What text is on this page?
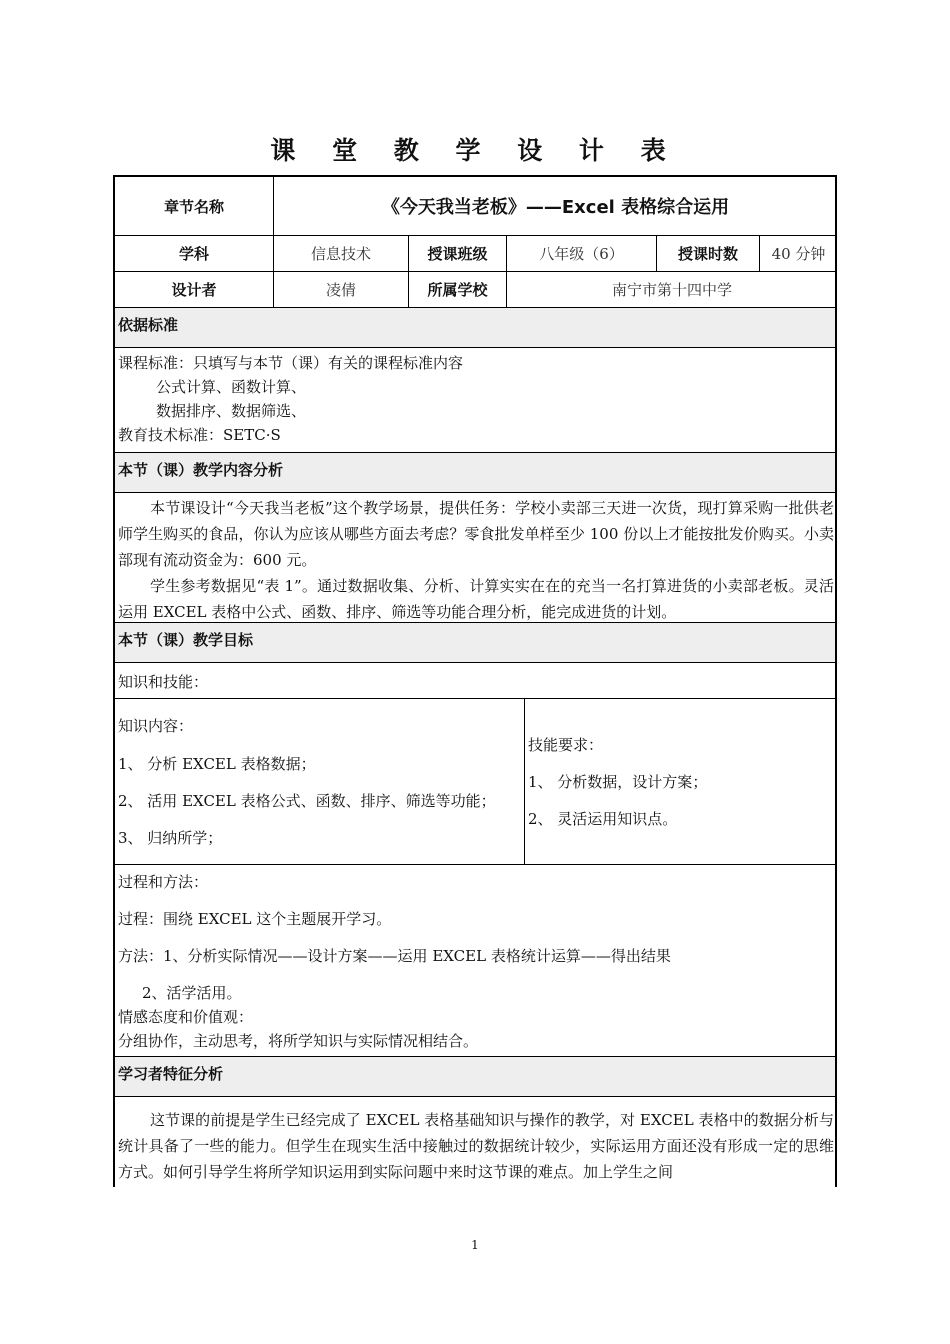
课 堂 教 学 设 计 表
章节名称	《今天我当老板》——Excel 表格综合运用
学科	信息技术	授课班级	八年级（6）	授课时数	40 分钟
设计者	凌倩	所属学校	南宁市第十四中学
依据标准
课程标准：只填写与本节（课）有关的课程标准内容
公式计算、函数计算、
数据排序、数据筛选、
教育技术标准：SETC·S
本节（课）教学内容分析
本节课设计“今天我当老板”这个教学场景，提供任务：学校小卖部三天进一次货，现打算采购一批供老师学生购买的食品，你认为应该从哪些方面去考虑？零食批发单样至少 100 份以上才能按批发价购买。小卖部现有流动资金为：600 元。
学生参考数据见“表 1”。通过数据收集、分析、计算实实在在的充当一名打算进货的小卖部老板。灵活运用 EXCEL 表格中公式、函数、排序、筛选等功能合理分析，能完成进货的计划。
本节（课）教学目标
知识和技能：
知识内容：
1、 分析 EXCEL 表格数据；
2、 活用 EXCEL 表格公式、函数、排序、筛选等功能；
3、 归纳所学；
技能要求：
1、 分析数据，设计方案；
2、 灵活运用知识点。
过程和方法：
过程：围绕 EXCEL 这个主题展开学习。
方法：1、分析实际情况——设计方案——运用 EXCEL 表格统计运算——得出结果
2、活学活用。
情感态度和价值观：
分组协作，主动思考，将所学知识与实际情况相结合。
学习者特征分析
这节课的前提是学生已经完成了 EXCEL 表格基础知识与操作的教学，对 EXCEL 表格中的数据分析与统计具备了一些的能力。但学生在现实生活中接触过的数据统计较少，实际运用方面还没有形成一定的思维方式。如何引导学生将所学知识运用到实际问题中来时这节课的难点。加上学生之间
1
